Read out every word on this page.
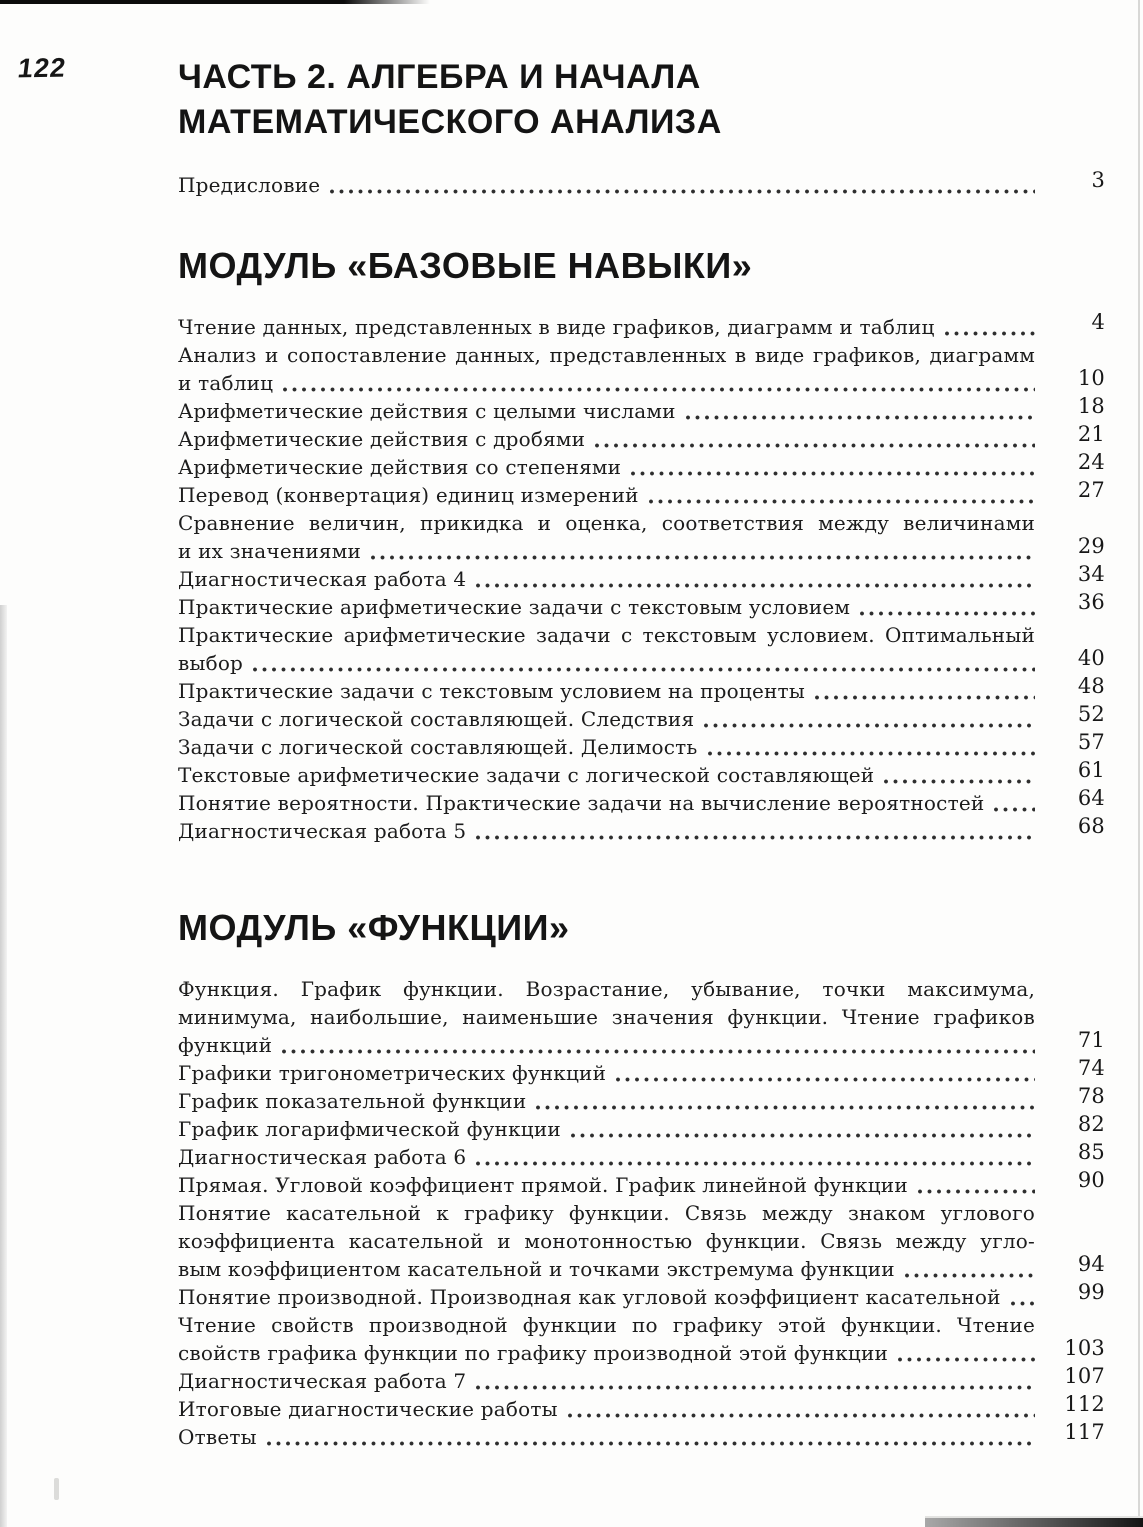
122	ЧАСТЬ 2. АЛГЕБРА И НАЧАЛА
МАТЕМАТИЧЕСКОГО АНАЛИЗА
Предисловие	3
МОДУЛЬ «БАЗОВЫЕ НАВЫКИ»
Чтение данных, представленных в виде графиков, диаграмм и таблиц	4
Анализ и сопоставление данных, представленных в виде графиков, диаграмм
и таблиц	10
Арифметические действия с целыми числами	18
Арифметические действия с дробями	21
Арифметические действия со степенями	24
Перевод (конвертация) единиц измерений	27
Сравнение величин, прикидка и оценка, соответствия между величинами
и их значениями	29
Диагностическая работа 4	34
Практические арифметические задачи с текстовым условием	36
Практические арифметические задачи с текстовым условием. Оптимальный
выбор	40
Практические задачи с текстовым условием на проценты	48
Задачи с логической составляющей. Следствия	52
Задачи с логической составляющей. Делимость	57
Текстовые арифметические задачи с логической составляющей	61
Понятие вероятности. Практические задачи на вычисление вероятностей	64
Диагностическая работа 5	68
МОДУЛЬ «ФУНКЦИИ»
Функция. График функции. Возрастание, убывание, точки максимума,
минимума, наибольшие, наименьшие значения функции. Чтение графиков
функций	71
Графики тригонометрических функций	74
График показательной функции	78
График логарифмической функции	82
Диагностическая работа 6	85
Прямая. Угловой коэффициент прямой. График линейной функции	90
Понятие касательной к графику функции. Связь между знаком углового
коэффициента касательной и монотонностью функции. Связь между угло-
вым коэффициентом касательной и точками экстремума функции	94
Понятие производной. Производная как угловой коэффициент касательной	99
Чтение свойств производной функции по графику этой функции. Чтение
свойств графика функции по графику производной этой функции	103
Диагностическая работа 7	107
Итоговые диагностические работы	112
Ответы	117
